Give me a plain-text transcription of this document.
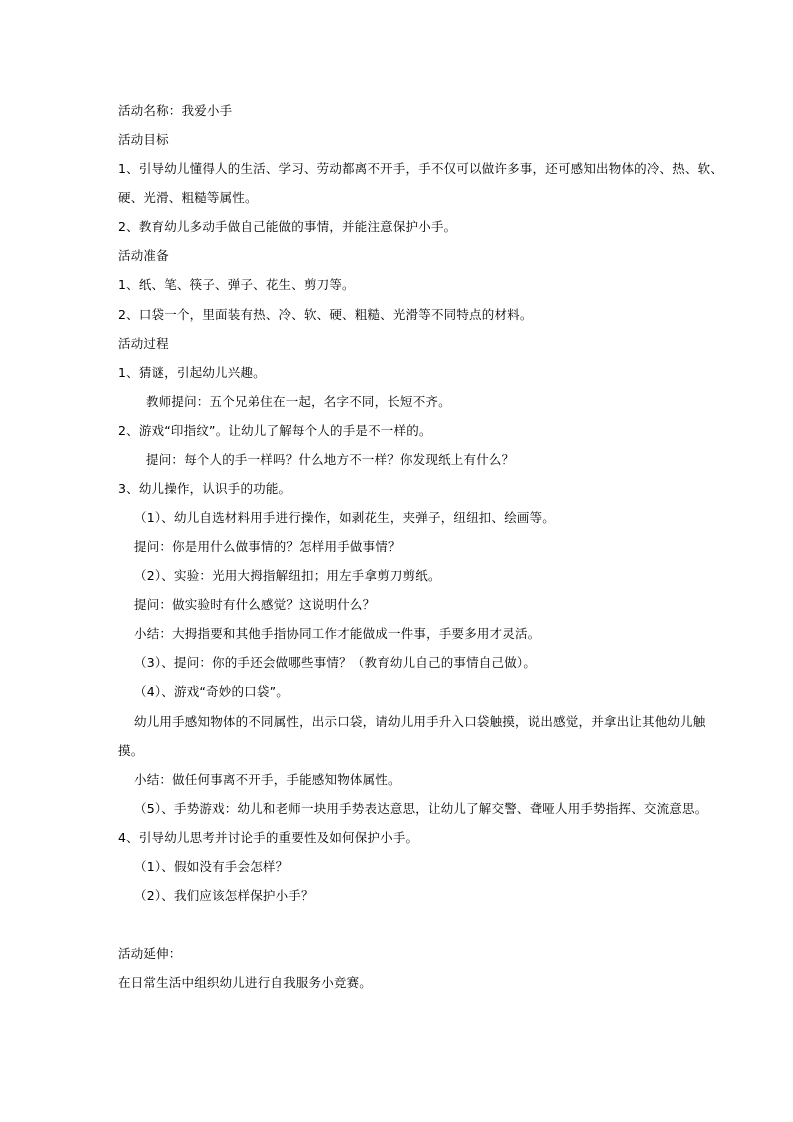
活动名称：我爱小手
活动目标
1、引导幼儿懂得人的生活、学习、劳动都离不开手，手不仅可以做许多事，还可感知出物体的冷、热、软、
硬、光滑、粗糙等属性。
2、教育幼儿多动手做自己能做的事情，并能注意保护小手。
活动准备
1、纸、笔、筷子、弹子、花生、剪刀等。
2、口袋一个，里面装有热、冷、软、硬、粗糙、光滑等不同特点的材料。
活动过程
1、猜谜，引起幼儿兴趣。
教师提问：五个兄弟住在一起，名字不同，长短不齐。
2、游戏“印指纹”。让幼儿了解每个人的手是不一样的。
提问：每个人的手一样吗？什么地方不一样？你发现纸上有什么？
3、幼儿操作，认识手的功能。
（1）、幼儿自选材料用手进行操作，如剥花生，夹弹子，纽纽扣、绘画等。
提问：你是用什么做事情的？怎样用手做事情？
（2）、实验：光用大拇指解纽扣；用左手拿剪刀剪纸。
提问：做实验时有什么感觉？这说明什么？
小结：大拇指要和其他手指协同工作才能做成一件事，手要多用才灵活。
（3）、提问：你的手还会做哪些事情？（教育幼儿自己的事情自己做）。
（4）、游戏“奇妙的口袋”。
幼儿用手感知物体的不同属性，出示口袋，请幼儿用手升入口袋触摸，说出感觉，并拿出让其他幼儿触
摸。
小结：做任何事离不开手，手能感知物体属性。
（5）、手势游戏：幼儿和老师一块用手势表达意思，让幼儿了解交警、聋哑人用手势指挥、交流意思。
4、引导幼儿思考并讨论手的重要性及如何保护小手。
（1）、假如没有手会怎样？
（2）、我们应该怎样保护小手？
活动延伸：
在日常生活中组织幼儿进行自我服务小竞赛。
